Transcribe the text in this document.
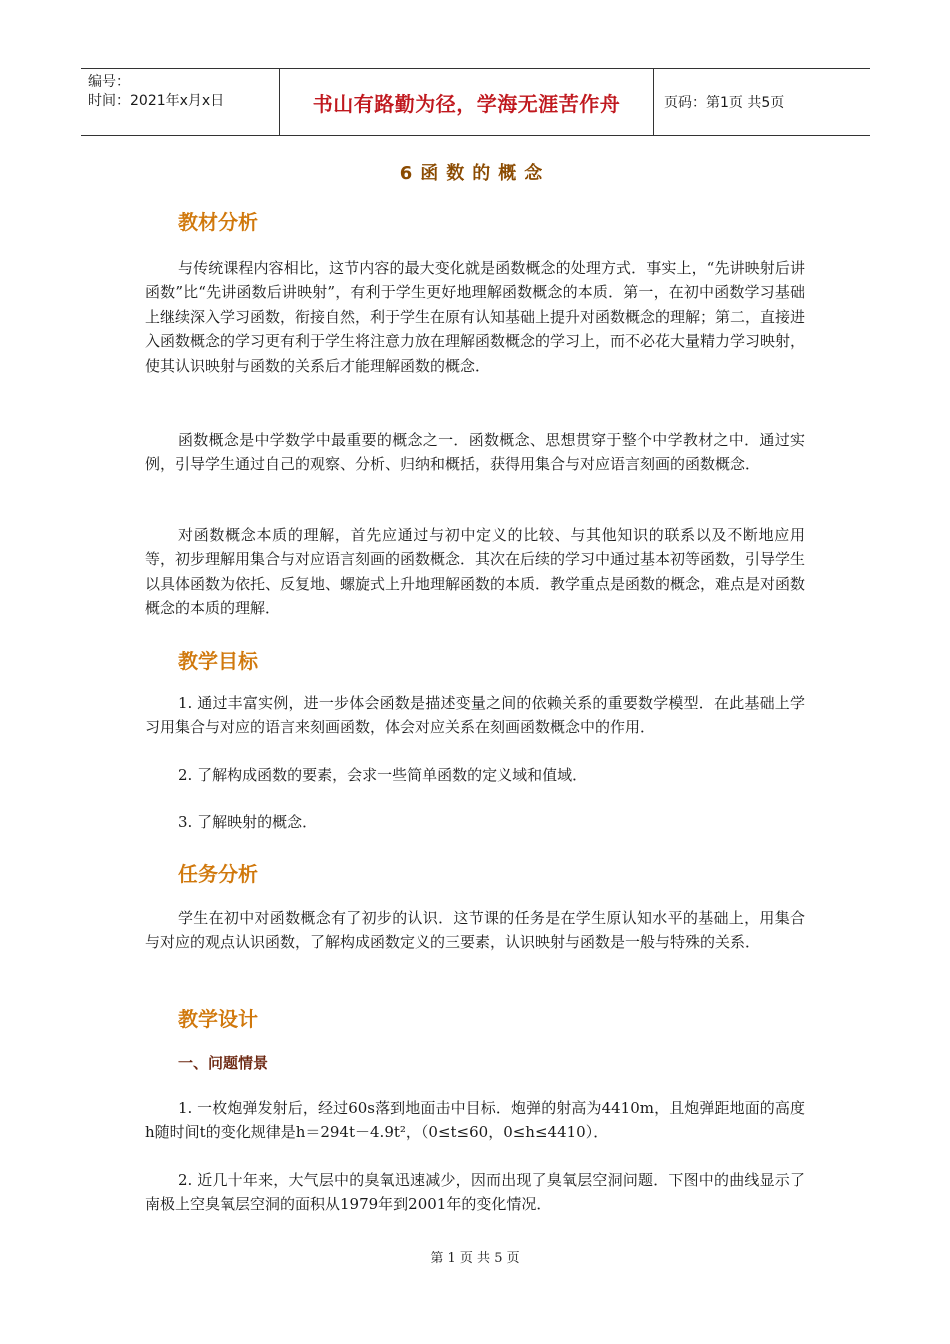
编号：
时间：2021年x月x日	书山有路勤为径，学海无涯苦作舟	页码：第1页 共5页
6函数的概念
教材分析
与传统课程内容相比，这节内容的最大变化就是函数概念的处理方式．事实上，“先讲映射后讲函数”比“先讲函数后讲映射”，有利于学生更好地理解函数概念的本质．第一，在初中函数学习基础上继续深入学习函数，衔接自然，利于学生在原有认知基础上提升对函数概念的理解；第二，直接进入函数概念的学习更有利于学生将注意力放在理解函数概念的学习上，而不必花大量精力学习映射，使其认识映射与函数的关系后才能理解函数的概念．
函数概念是中学数学中最重要的概念之一．函数概念、思想贯穿于整个中学教材之中．通过实例，引导学生通过自己的观察、分析、归纳和概括，获得用集合与对应语言刻画的函数概念．
对函数概念本质的理解，首先应通过与初中定义的比较、与其他知识的联系以及不断地应用等，初步理解用集合与对应语言刻画的函数概念．其次在后续的学习中通过基本初等函数，引导学生以具体函数为依托、反复地、螺旋式上升地理解函数的本质．教学重点是函数的概念，难点是对函数概念的本质的理解．
教学目标
1. 通过丰富实例，进一步体会函数是描述变量之间的依赖关系的重要数学模型．在此基础上学习用集合与对应的语言来刻画函数，体会对应关系在刻画函数概念中的作用．
2. 了解构成函数的要素，会求一些简单函数的定义域和值域．
3. 了解映射的概念．
任务分析
学生在初中对函数概念有了初步的认识．这节课的任务是在学生原认知水平的基础上，用集合与对应的观点认识函数，了解构成函数定义的三要素，认识映射与函数是一般与特殊的关系．
教学设计
一、问题情景
1. 一枚炮弹发射后，经过60s落到地面击中目标．炮弹的射高为4410m，且炮弹距地面的高度h随时间t的变化规律是h＝294t－4.9t²，（0≤t≤60，0≤h≤4410）．
2. 近几十年来，大气层中的臭氧迅速减少，因而出现了臭氧层空洞问题．下图中的曲线显示了南极上空臭氧层空洞的面积从1979年到2001年的变化情况．
第 1 页 共 5 页
